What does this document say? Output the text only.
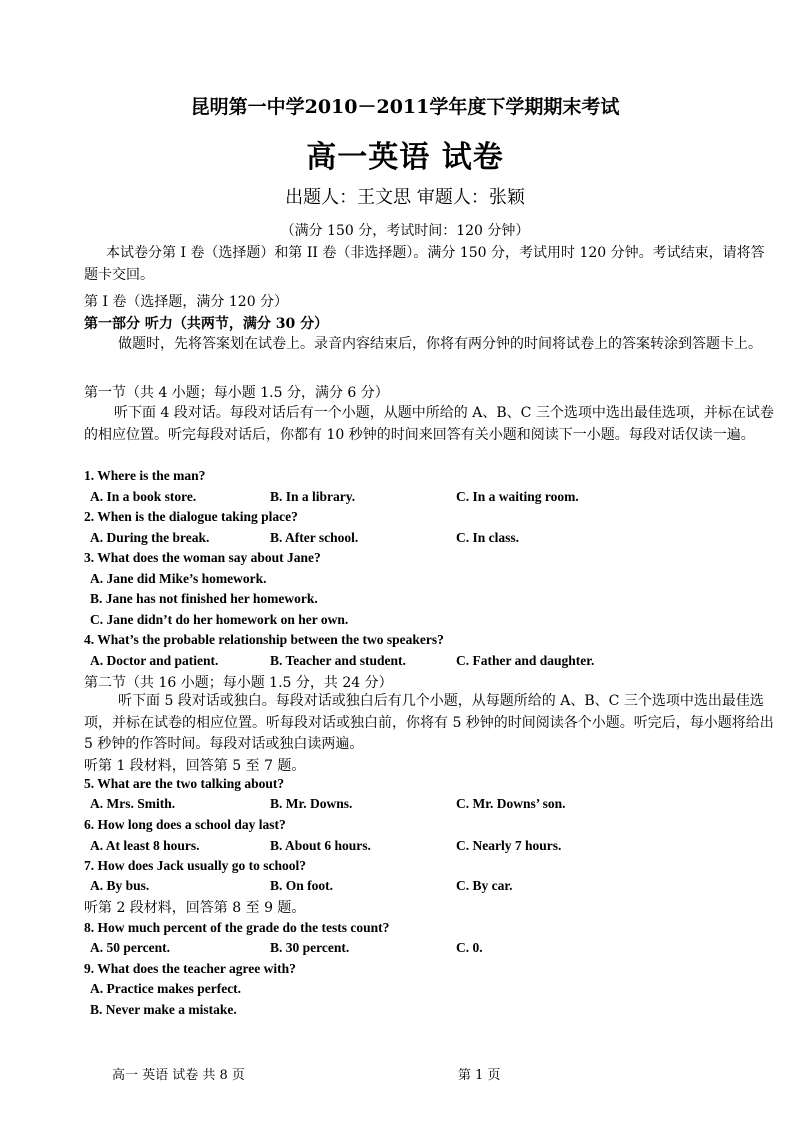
昆明第一中学2010－2011学年度下学期期末考试
高一英语 试卷
出题人：王文思 审题人：张颖
（满分 150 分，考试时间：120 分钟）
本试卷分第 I 卷（选择题）和第 II 卷（非选择题）。满分 150 分，考试用时 120 分钟。考试结束，请将答题卡交回。
第 I 卷（选择题，满分 120 分）
第一部分 听力（共两节，满分 30 分）
做题时，先将答案划在试卷上。录音内容结束后，你将有两分钟的时间将试卷上的答案转涂到答题卡上。
第一节（共 4 小题；每小题 1.5 分，满分 6 分）
听下面 4 段对话。每段对话后有一个小题，从题中所给的 A、B、C 三个选项中选出最佳选项，并标在试卷的相应位置。听完每段对话后，你都有 10 秒钟的时间来回答有关小题和阅读下一小题。每段对话仅读一遍。
1. Where is the man?
A. In a book store.	B. In a library.	C. In a waiting room.
2. When is the dialogue taking place?
A. During the break.	B. After school.	C. In class.
3. What does the woman say about Jane?
A. Jane did Mike’s homework.
B. Jane has not finished her homework.
C. Jane didn’t do her homework on her own.
4. What’s the probable relationship between the two speakers?
A. Doctor and patient.	B. Teacher and student.	C. Father and daughter.
第二节（共 16 小题；每小题 1.5 分，共 24 分）
听下面 5 段对话或独白。每段对话或独白后有几个小题，从每题所给的 A、B、C 三个选项中选出最佳选项，并标在试卷的相应位置。听每段对话或独白前，你将有 5 秒钟的时间阅读各个小题。听完后，每小题将给出 5 秒钟的作答时间。每段对话或独白读两遍。
听第 1 段材料，回答第 5 至 7 题。
5. What are the two talking about?
A. Mrs. Smith.	B. Mr. Downs.	C. Mr. Downs’ son.
6. How long does a school day last?
A. At least 8 hours.	B. About 6 hours.	C. Nearly 7 hours.
7. How does Jack usually go to school?
A. By bus.	B. On foot.	C. By car.
听第 2 段材料，回答第 8 至 9 题。
8. How much percent of the grade do the tests count?
A. 50 percent.	B. 30 percent.	C. 0.
9. What does the teacher agree with?
A. Practice makes perfect.
B. Never make a mistake.
高一 英语 试卷 共 8 页	第 1 页
